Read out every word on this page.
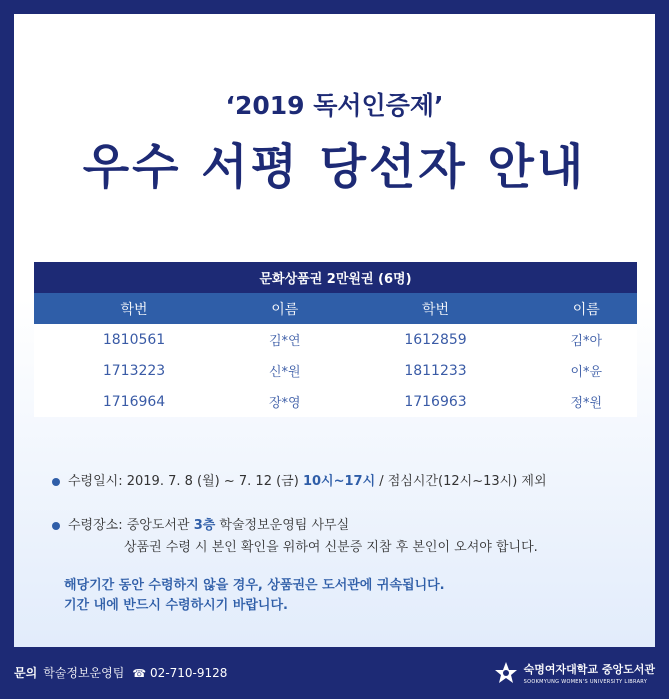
‘2019 독서인증제’
우수 서평 당선자 안내
문화상품권 2만원권 (6명)			
학번	이름	학번	이름
1810561	김*연	1612859	김*아
1713223	신*원	1811233	이*윤
1716964	장*영	1716963	정*원
수령일시: 2019. 7. 8 (월) ~ 7. 12 (금) 10시~17시 / 점심시간(12시~13시) 제외
수령장소: 중앙도서관 3층 학술정보운영팀 사무실
상품권 수령 시 본인 확인을 위하여 신분증 지참 후 본인이 오셔야 합니다.
해당기간 동안 수령하지 않을 경우, 상품권은 도서관에 귀속됩니다.
기간 내에 반드시 수령하시기 바랍니다.
문의 학술정보운영팀 ☎ 02-710-9128	숙명여자대학교 중앙도서관
SOOKMYUNG WOMEN'S UNIVERSITY LIBRARY
